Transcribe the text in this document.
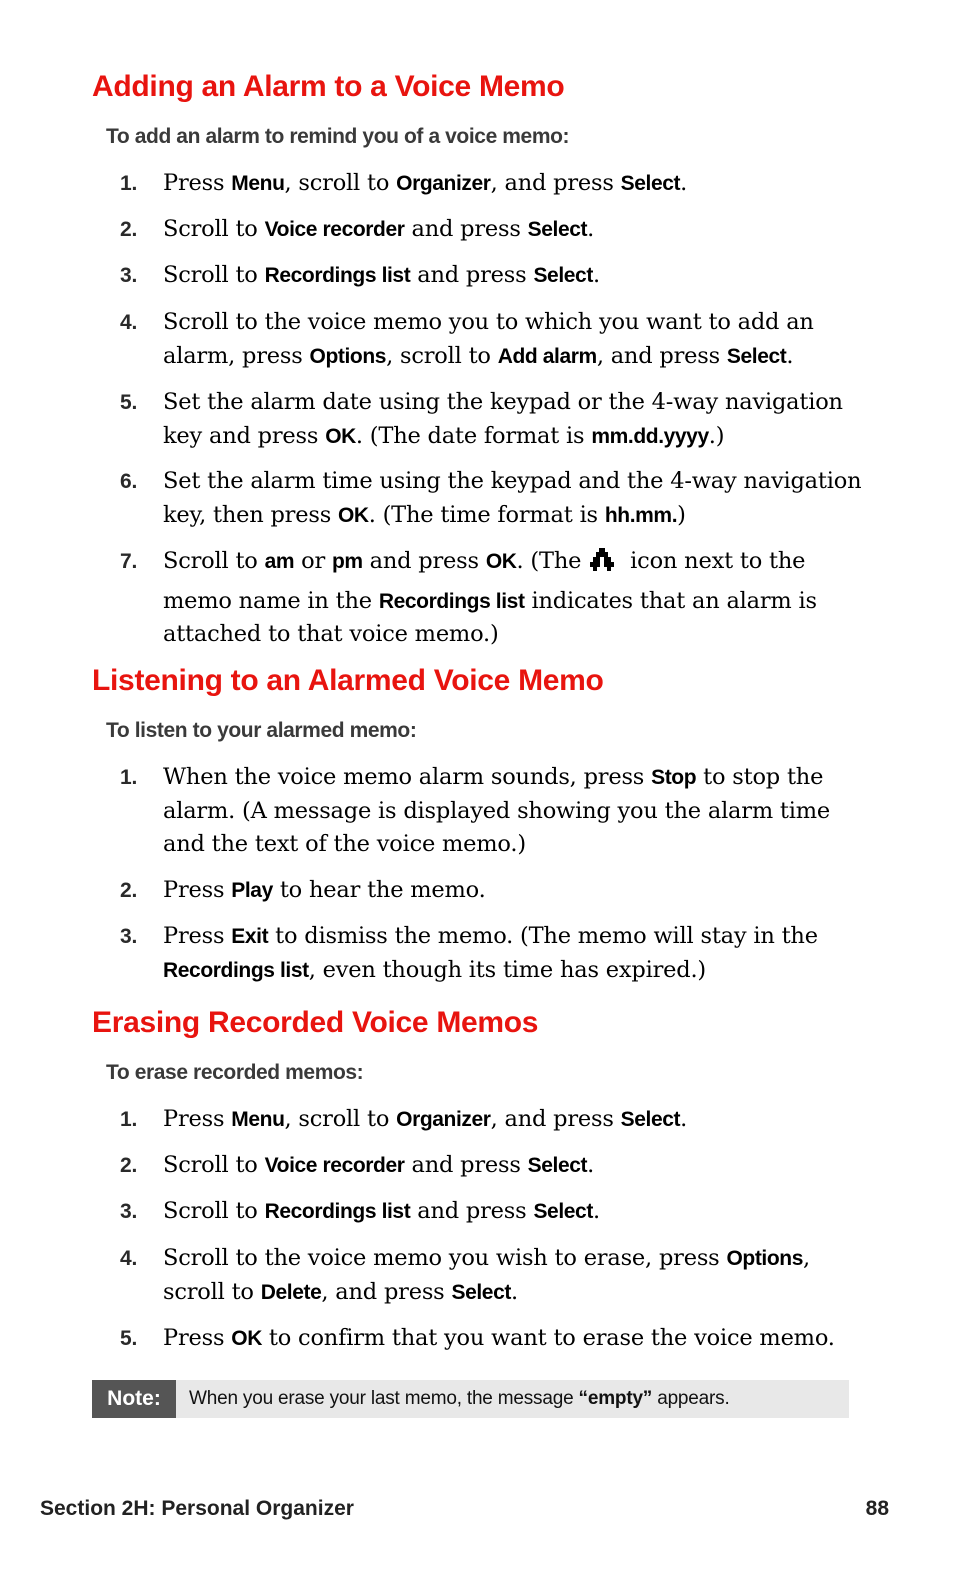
Adding an Alarm to a Voice Memo

To add an alarm to remind you of a voice memo:

1.	Press Menu, scroll to Organizer, and press Select.
2.	Scroll to Voice recorder and press Select.
3.	Scroll to Recordings list and press Select.
4.	Scroll to the voice memo you to which you want to add an alarm, press Options, scroll to Add alarm, and press Select.
5.	Set the alarm date using the keypad or the 4-way navigation key and press OK. (The date format is mm.dd.yyyy.)
6.	Set the alarm time using the keypad and the 4-way navigation key, then press OK. (The time format is hh.mm.)
7.	Scroll to am or pm and press OK. (The icon next to the memo name in the Recordings list indicates that an alarm is attached to that voice memo.)
Listening to an Alarmed Voice Memo

To listen to your alarmed memo:

1.	When the voice memo alarm sounds, press Stop to stop the alarm. (A message is displayed showing you the alarm time and the text of the voice memo.)
2.	Press Play to hear the memo.
3.	Press Exit to dismiss the memo. (The memo will stay in the Recordings list, even though its time has expired.)
Erasing Recorded Voice Memos

To erase recorded memos:

1.	Press Menu, scroll to Organizer, and press Select.
2.	Scroll to Voice recorder and press Select.
3.	Scroll to Recordings list and press Select.
4.	Scroll to the voice memo you wish to erase, press Options, scroll to Delete, and press Select.
5.	Press OK to confirm that you want to erase the voice memo.
Note:	When you erase your last memo, the message
“empty”
appears.

Section 2H: Personal Organizer	88
